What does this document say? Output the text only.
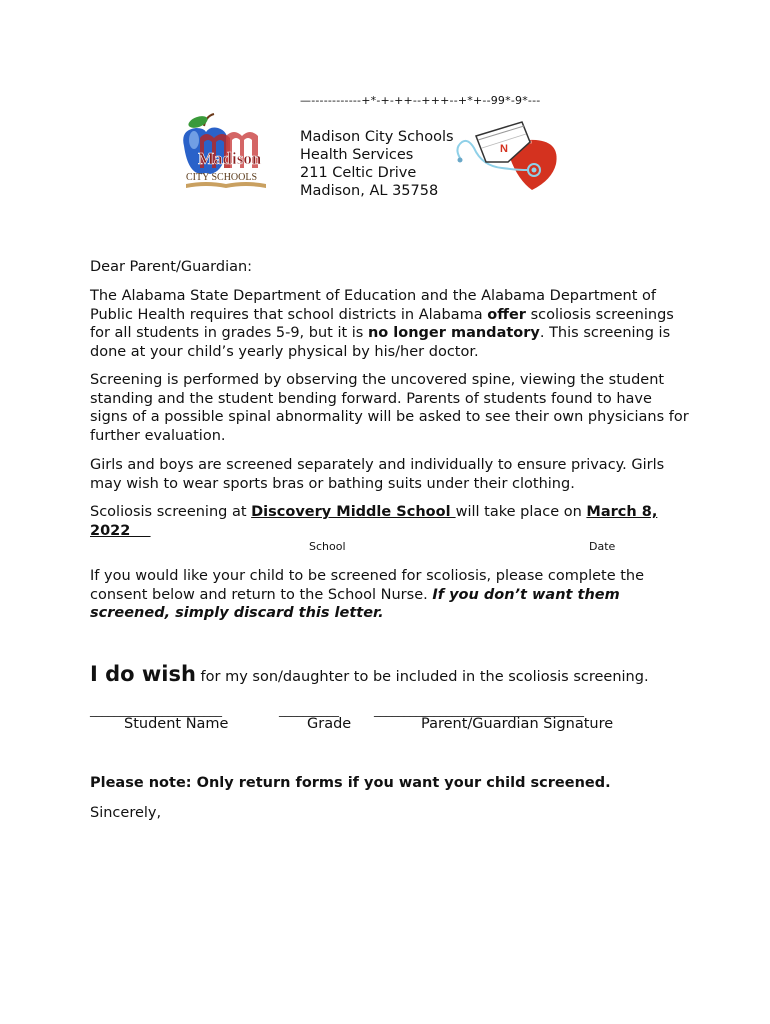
—------------+*-+-++--+++--+*+--99*-9*---
Madison
CITY SCHOOLS
Madison City Schools
Health Services
211 Celtic Drive
Madison, AL 35758
N
Dear Parent/Guardian:

The Alabama State Department of Education and the Alabama Department of Public Health requires that school districts in Alabama offer scoliosis screenings for all students in grades 5-9, but it is no longer mandatory. This screening is done at your child’s yearly physical by his/her doctor.

Screening is performed by observing the uncovered spine, viewing the student standing and the student bending forward. Parents of students found to have signs of a possible spinal abnormality will be asked to see their own physicians for further evaluation.

Girls and boys are screened separately and individually to ensure privacy. Girls may wish to wear sports bras or bathing suits under their clothing.

Scoliosis screening at Discovery Middle School will take place on March 8,
2022

School	Date

If you would like your child to be screened for scoliosis, please complete the consent below and return to the School Nurse. If you don’t want them screened, simply discard this letter.

I do wish for my son/daughter to be included in the scoliosis screening.
______________________	__________	___________________________________
Student Name	Grade	Parent/Guardian Signature
Please note: Only return forms if you want your child screened.
Sincerely,
